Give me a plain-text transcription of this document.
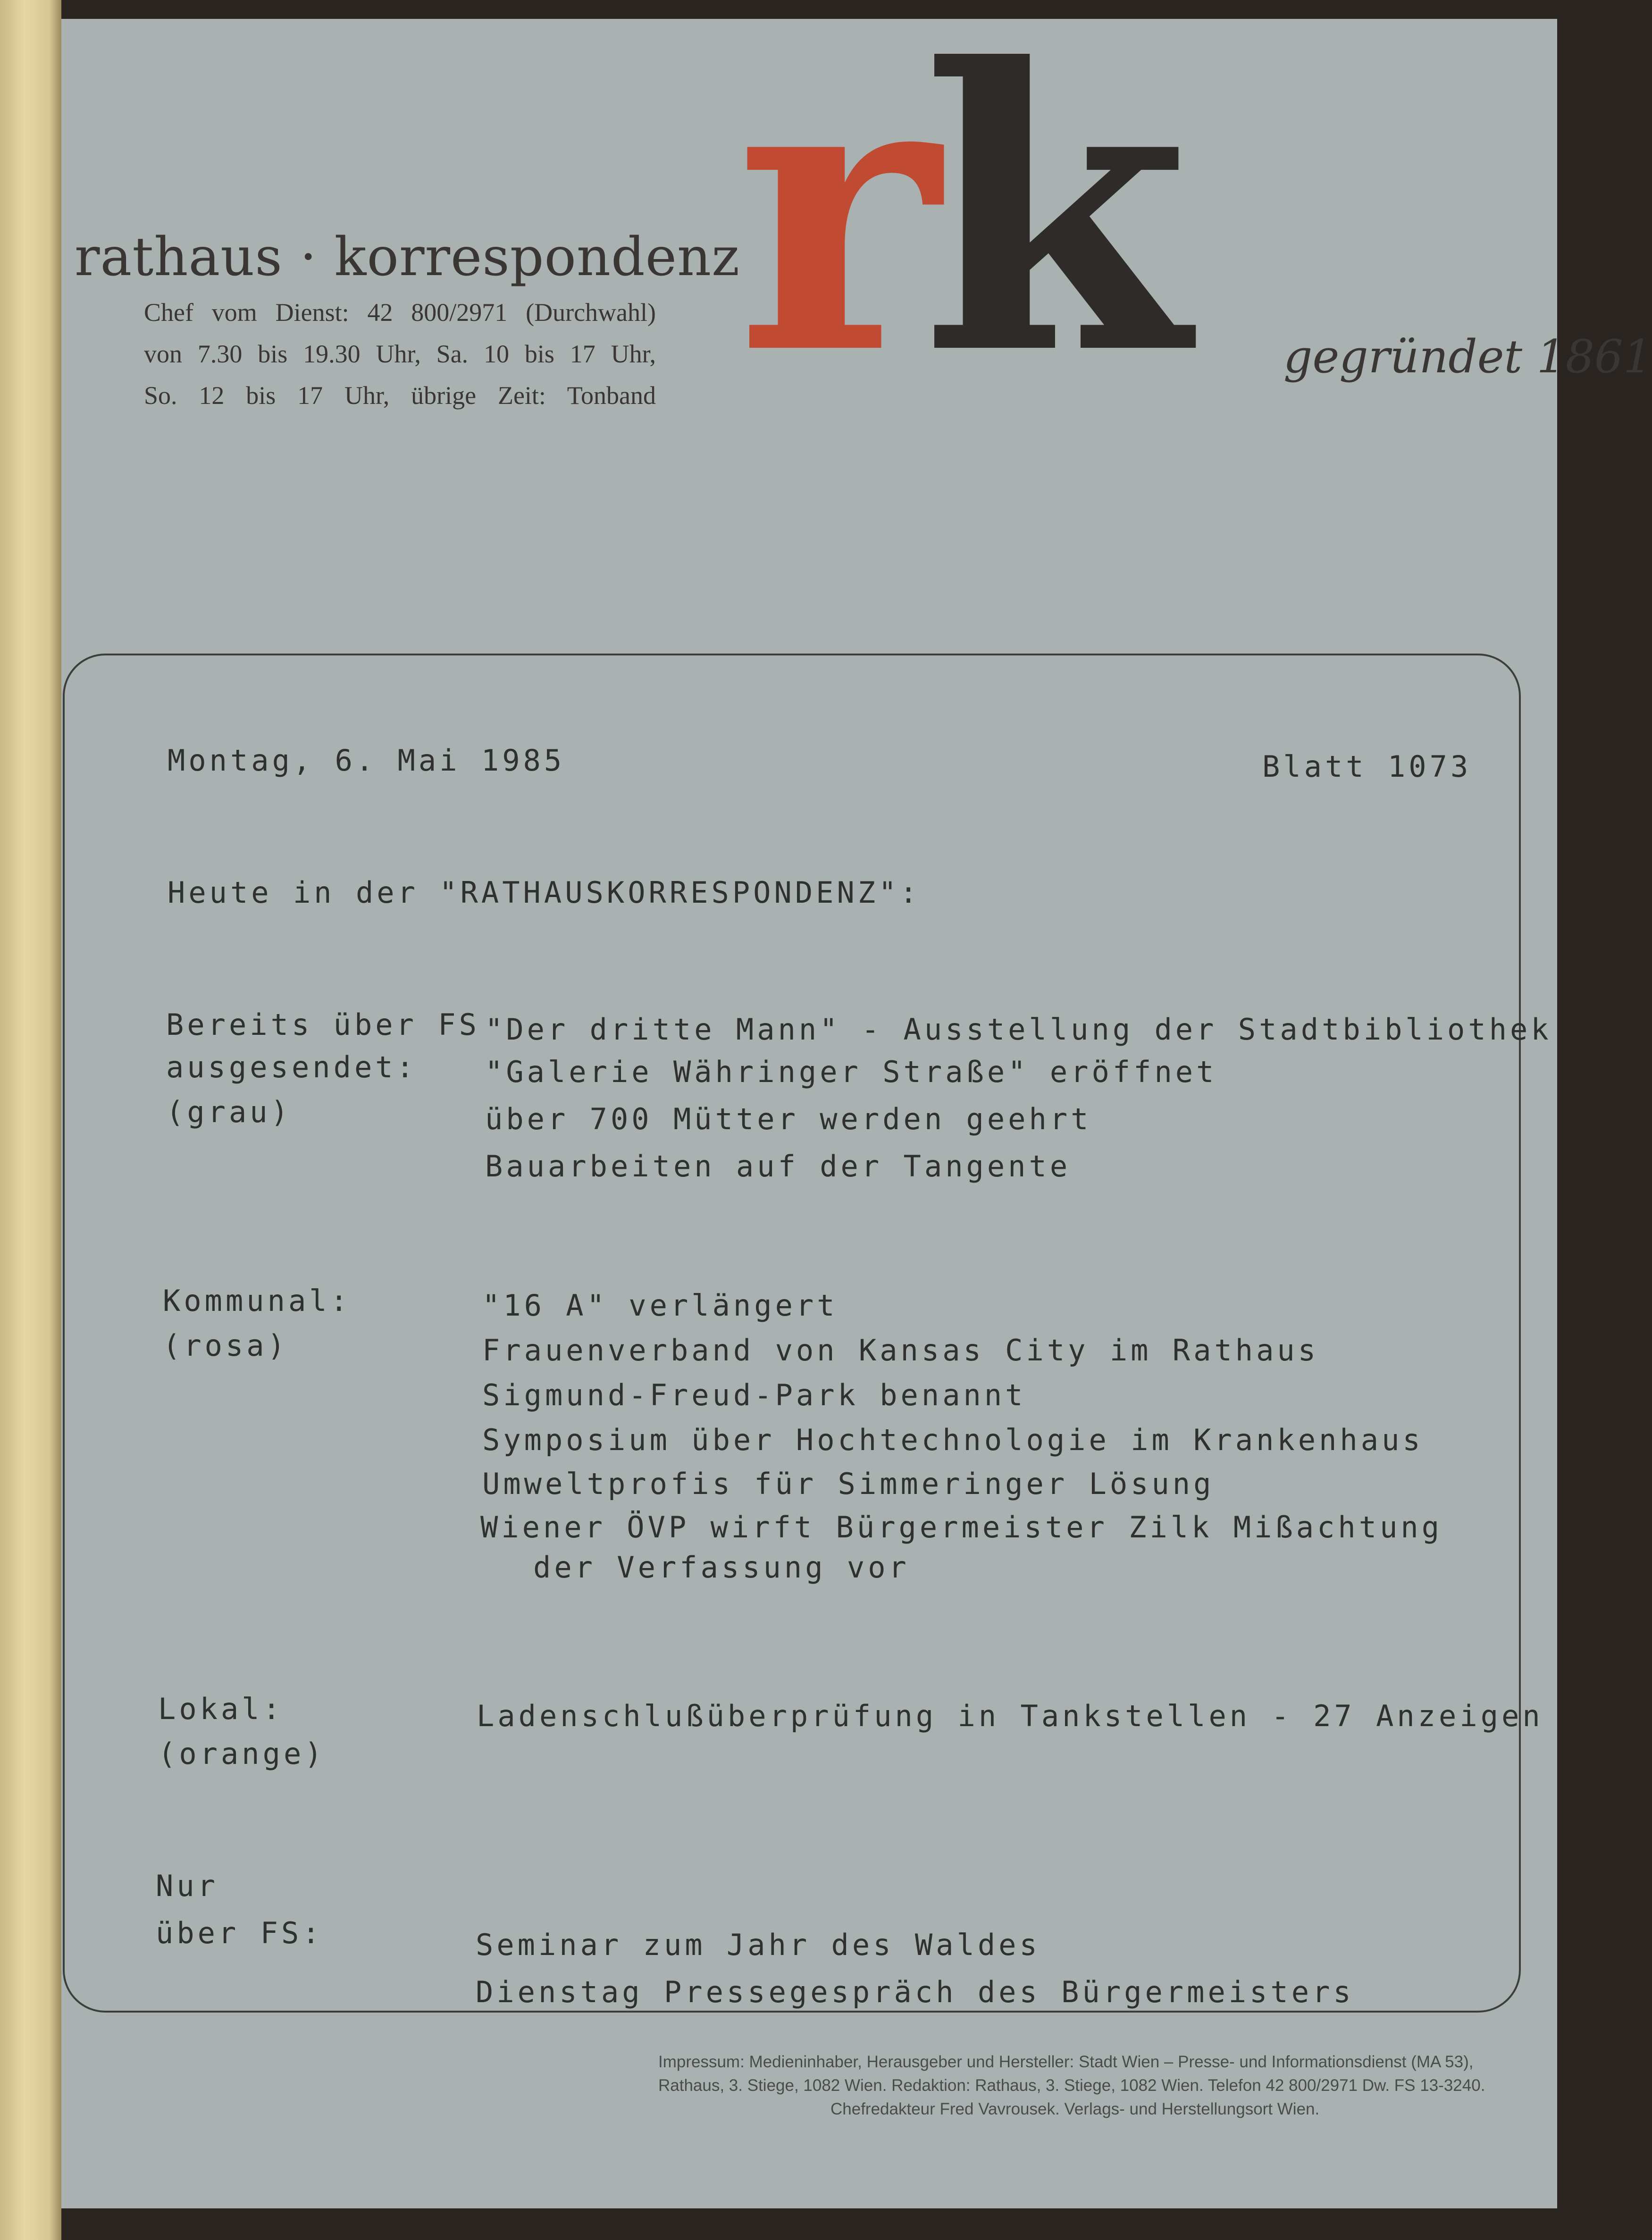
rathaus · korrespondenz
Chef vom Dienst: 42 800/2971 (Durchwahl)
von 7.30 bis 19.30 Uhr, Sa. 10 bis 17 Uhr,
So. 12 bis 17 Uhr, übrige Zeit: Tonband rk gegründet 1861
Montag, 6. Mai 1985	Blatt 1073
Heute in der "RATHAUSKORRESPONDENZ":
Bereits über FS
ausgesendet:
(grau)
"Der dritte Mann" - Ausstellung der Stadtbibliothek
"Galerie Währinger Straße" eröffnet
über 700 Mütter werden geehrt
Bauarbeiten auf der Tangente
Kommunal:
(rosa)
"16 A" verlängert
Frauenverband von Kansas City im Rathaus
Sigmund-Freud-Park benannt
Symposium über Hochtechnologie im Krankenhaus
Umweltprofis für Simmeringer Lösung
Wiener ÖVP wirft Bürgermeister Zilk Mißachtung
der Verfassung vor
Lokal:
(orange)
Ladenschlußüberprüfung in Tankstellen - 27 Anzeigen
Nur
über FS:	Seminar zum Jahr des Waldes
Dienstag Pressegespräch des Bürgermeisters
Impressum: Medieninhaber, Herausgeber und Hersteller: Stadt Wien – Presse- und Informationsdienst (MA 53),
Rathaus, 3. Stiege, 1082 Wien. Redaktion: Rathaus, 3. Stiege, 1082 Wien. Telefon 42 800/2971 Dw. FS 13-3240.
Chefredakteur Fred Vavrousek. Verlags- und Herstellungsort Wien.
